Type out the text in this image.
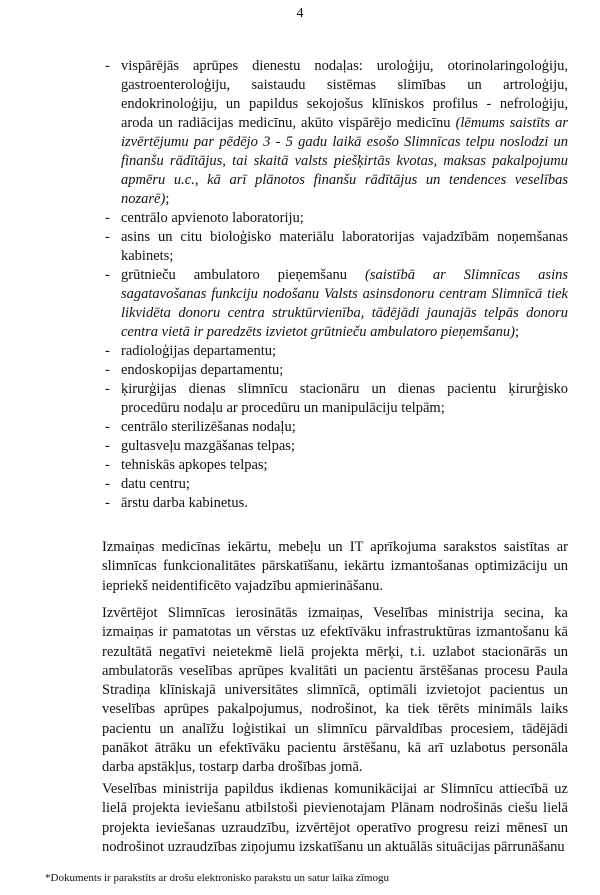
4
- vispārējās aprūpes dienestu nodaļas: uroloģiju, otorinolaringoloģiju, gastroenteroloģiju, saistaudu sistēmas slimības un artroloģiju, endokrinoloģiju, un papildus sekojošus klīniskos profilus - nefroloģiju, aroda un radiācijas medicīnu, akūto vispārējo medicīnu (lēmums saistīts ar izvērtējumu par pēdējo 3 - 5 gadu laikā esošo Slimnīcas telpu noslodzi un finanšu rādītājus, tai skaitā valsts piešķirtās kvotas, maksas pakalpojumu apmēru u.c., kā arī plānotos finanšu rādītājus un tendences veselības nozarē);
- centrālo apvienoto laboratoriju;
- asins un citu bioloģisko materiālu laboratorijas vajadzībām noņemšanas kabinets;
- grūtnieču ambulatoro pieņemšanu (saistībā ar Slimnīcas asins sagatavošanas funkciju nodošanu Valsts asinsdonoru centram Slimnīcā tiek likvidēta donoru centra struktūrvienība, tādējādi jaunajās telpās donoru centra vietā ir paredzēts izvietot grūtnieču ambulatoro pieņemšanu);
- radioloģijas departamentu;
- endoskopijas departamentu;
- ķirurģijas dienas slimnīcu stacionāru un dienas pacientu ķirurģisko procedūru nodaļu ar procedūru un manipulāciju telpām;
- centrālo sterilizēšanas nodaļu;
- gultasveļu mazgāšanas telpas;
- tehniskās apkopes telpas;
- datu centru;
- ārstu darba kabinetus.
Izmaiņas medicīnas iekārtu, mebeļu un IT aprīkojuma sarakstos saistītas ar slimnīcas funkcionalitātes pārskatīšanu, iekārtu izmantošanas optimizāciju un iepriekš neidentificēto vajadzību apmierināšanu.
Izvērtējot Slimnīcas ierosinātās izmaiņas, Veselības ministrija secina, ka izmaiņas ir pamatotas un vērstas uz efektīvāku infrastruktūras izmantošanu kā rezultātā negatīvi neietekmē lielā projekta mērķi, t.i. uzlabot stacionārās un ambulatorās veselības aprūpes kvalitāti un pacientu ārstēšanas procesu Paula Stradiņa klīniskajā universitātes slimnīcā, optimāli izvietojot pacientus un veselības aprūpes pakalpojumus, nodrošinot, ka tiek tērēts minimāls laiks pacientu un analīžu loģistikai un slimnīcu pārvaldības procesiem, tādējādi panākot ātrāku un efektīvāku pacientu ārstēšanu, kā arī uzlabotus personāla darba apstākļus, tostarp darba drošības jomā.
Veselības ministrija papildus ikdienas komunikācijai ar Slimnīcu attiecībā uz lielā projekta ieviešanu atbilstoši pievienotajam Plānam nodrošinās ciešu lielā projekta ieviešanas uzraudzību, izvērtējot operatīvo progresu reizi mēnesī un nodrošinot uzraudzības ziņojumu izskatīšanu un aktuālās situācijas pārrunāšanu
*Dokuments ir parakstīts ar drošu elektronisko parakstu un satur laika zīmogu
